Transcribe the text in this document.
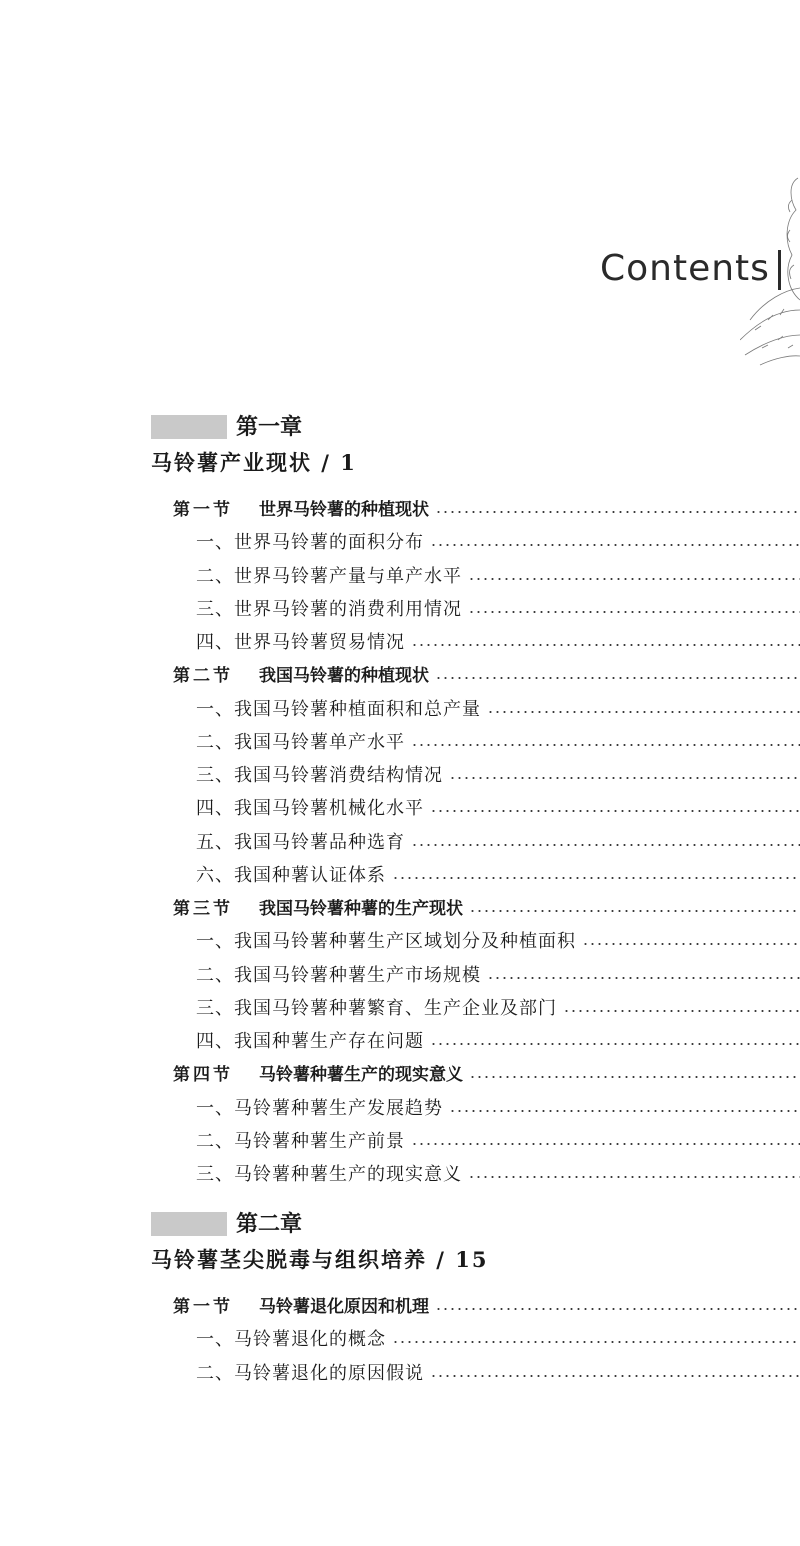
Contents
第一章
马铃薯产业现状 / 1
第一节 世界马铃薯的种植现状
一、世界马铃薯的面积分布
二、世界马铃薯产量与单产水平
三、世界马铃薯的消费利用情况
四、世界马铃薯贸易情况
第二节 我国马铃薯的种植现状
一、我国马铃薯种植面积和总产量
二、我国马铃薯单产水平
三、我国马铃薯消费结构情况
四、我国马铃薯机械化水平
五、我国马铃薯品种选育
六、我国种薯认证体系
第三节 我国马铃薯种薯的生产现状
一、我国马铃薯种薯生产区域划分及种植面积
二、我国马铃薯种薯生产市场规模
三、我国马铃薯种薯繁育、生产企业及部门
四、我国种薯生产存在问题
第四节 马铃薯种薯生产的现实意义
一、马铃薯种薯生产发展趋势
二、马铃薯种薯生产前景
三、马铃薯种薯生产的现实意义
第二章
马铃薯茎尖脱毒与组织培养 / 15
第一节 马铃薯退化原因和机理
一、马铃薯退化的概念
二、马铃薯退化的原因假说
